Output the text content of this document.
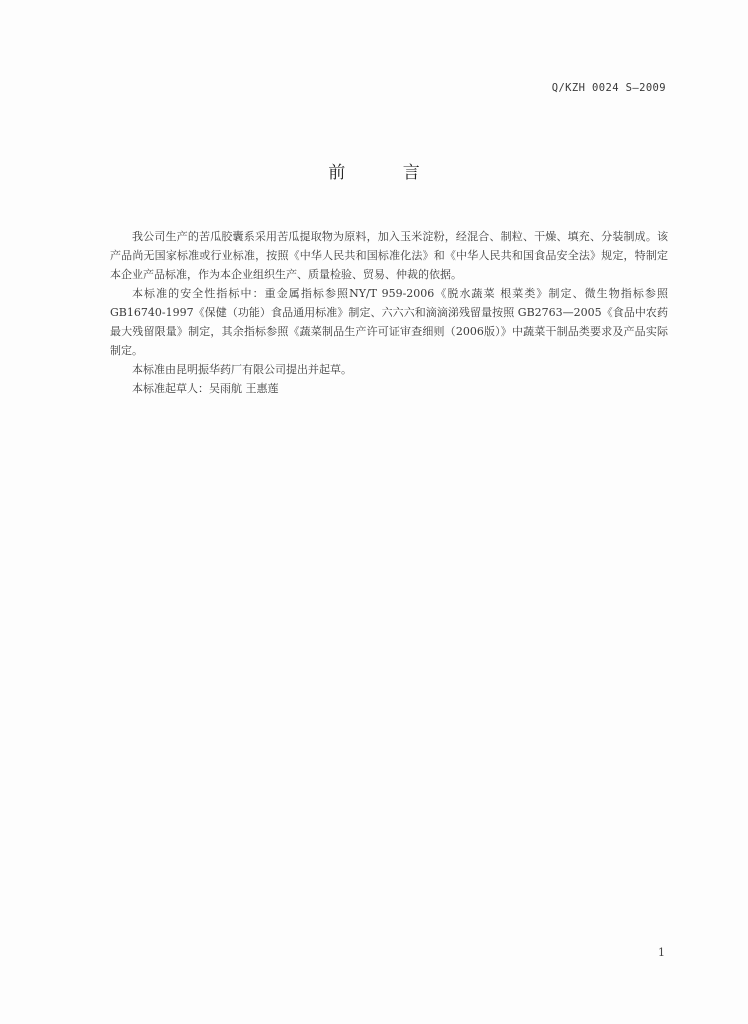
Q/KZH 0024 S—2009
前 言

我公司生产的苦瓜胶囊系采用苦瓜提取物为原料，加入玉米淀粉，经混合、制粒、干燥、填充、分装制成。该产品尚无国家标准或行业标准，按照《中华人民共和国标准化法》和《中华人民共和国食品安全法》规定，特制定本企业产品标准，作为本企业组织生产、质量检验、贸易、仲裁的依据。

本标准的安全性指标中：重金属指标参照NY/T 959-2006《脱水蔬菜 根菜类》制定、微生物指标参照 GB16740-1997《保健（功能）食品通用标准》制定、六六六和滴滴涕残留量按照 GB2763—2005《食品中农药最大残留限量》制定，其余指标参照《蔬菜制品生产许可证审查细则（2006版）》中蔬菜干制品类要求及产品实际制定。

本标准由昆明振华药厂有限公司提出并起草。

本标准起草人：吴雨航 王惠莲

1
